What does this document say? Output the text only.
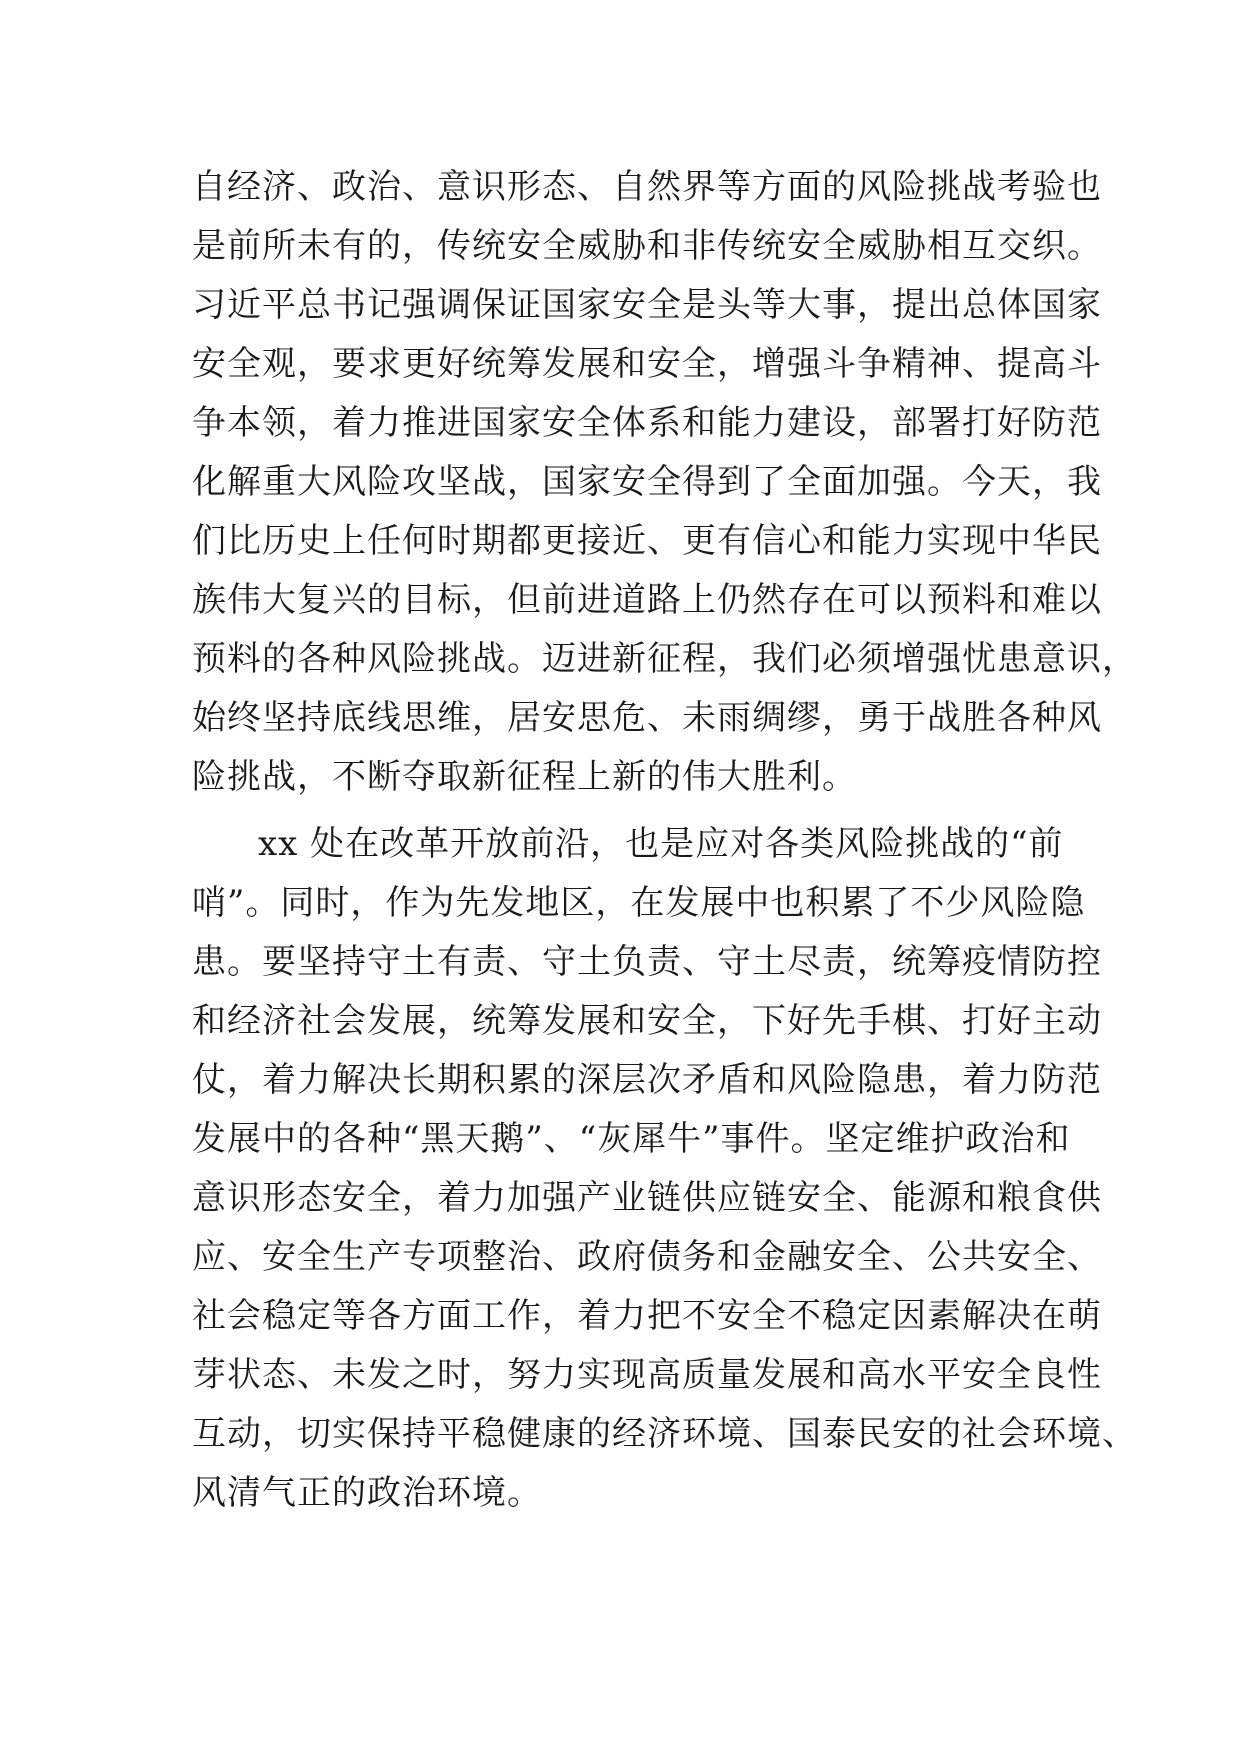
自经济、政治、意识形态、自然界等方面的风险挑战考验也
是前所未有的，传统安全威胁和非传统安全威胁相互交织。
习近平总书记强调保证国家安全是头等大事，提出总体国家
安全观，要求更好统筹发展和安全，增强斗争精神、提高斗
争本领，着力推进国家安全体系和能力建设，部署打好防范
化解重大风险攻坚战，国家安全得到了全面加强。今天，我
们比历史上任何时期都更接近、更有信心和能力实现中华民
族伟大复兴的目标，但前进道路上仍然存在可以预料和难以
预料的各种风险挑战。迈进新征程，我们必须增强忧患意识，
始终坚持底线思维，居安思危、未雨绸缪，勇于战胜各种风
险挑战，不断夺取新征程上新的伟大胜利。
xx 处在改革开放前沿，也是应对各类风险挑战的“前
哨”。同时，作为先发地区，在发展中也积累了不少风险隐
患。要坚持守土有责、守土负责、守土尽责，统筹疫情防控
和经济社会发展，统筹发展和安全，下好先手棋、打好主动
仗，着力解决长期积累的深层次矛盾和风险隐患，着力防范
发展中的各种“黑天鹅”、“灰犀牛”事件。坚定维护政治和
意识形态安全，着力加强产业链供应链安全、能源和粮食供
应、安全生产专项整治、政府债务和金融安全、公共安全、
社会稳定等各方面工作，着力把不安全不稳定因素解决在萌
芽状态、未发之时，努力实现高质量发展和高水平安全良性
互动，切实保持平稳健康的经济环境、国泰民安的社会环境、
风清气正的政治环境。
